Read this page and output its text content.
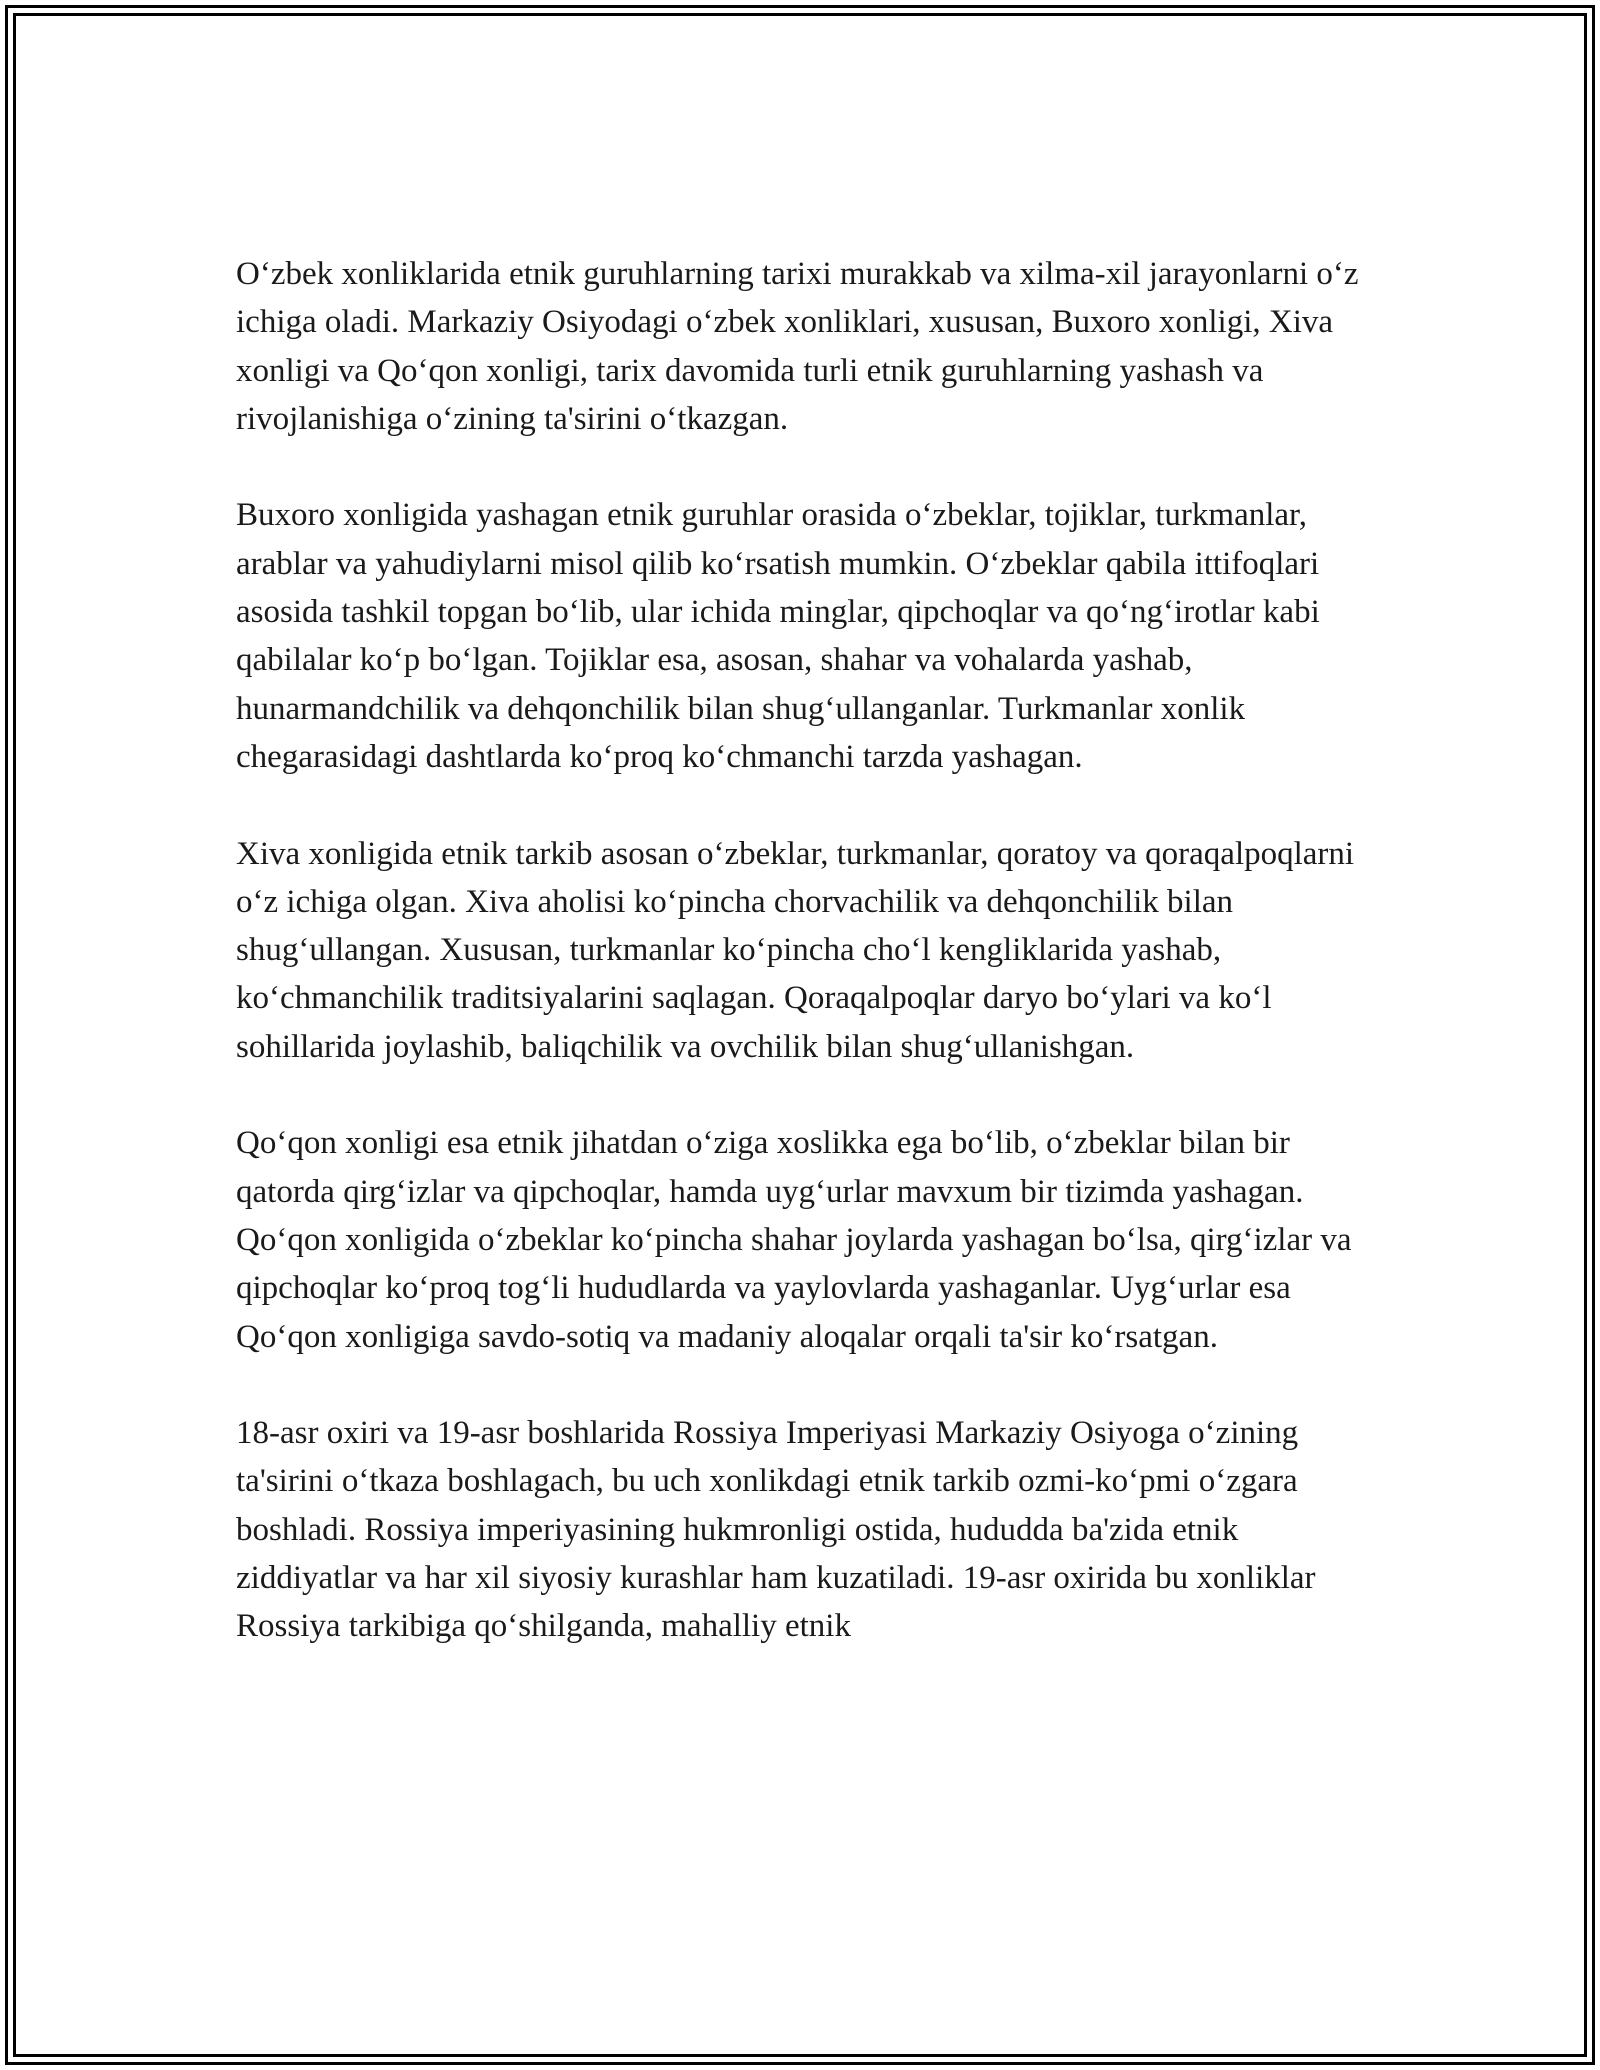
O‘zbek xonliklarida etnik guruhlarning tarixi murakkab va xilma-xil jarayonlarni o‘z ichiga oladi. Markaziy Osiyodagi o‘zbek xonliklari, xususan, Buxoro xonligi, Xiva xonligi va Qo‘qon xonligi, tarix davomida turli etnik guruhlarning yashash va rivojlanishiga o‘zining ta'sirini o‘tkazgan.

Buxoro xonligida yashagan etnik guruhlar orasida o‘zbeklar, tojiklar, turkmanlar, arablar va yahudiylarni misol qilib ko‘rsatish mumkin. O‘zbeklar qabila ittifoqlari asosida tashkil topgan bo‘lib, ular ichida minglar, qipchoqlar va qo‘ng‘irotlar kabi qabilalar ko‘p bo‘lgan. Tojiklar esa, asosan, shahar va vohalarda yashab, hunarmandchilik va dehqonchilik bilan shug‘ullanganlar. Turkmanlar xonlik chegarasidagi dashtlarda ko‘proq ko‘chmanchi tarzda yashagan.

Xiva xonligida etnik tarkib asosan o‘zbeklar, turkmanlar, qoratoy va qoraqalpoqlarni o‘z ichiga olgan. Xiva aholisi ko‘pincha chorvachilik va dehqonchilik bilan shug‘ullangan. Xususan, turkmanlar ko‘pincha cho‘l kengliklarida yashab, ko‘chmanchilik traditsiyalarini saqlagan. Qoraqalpoqlar daryo bo‘ylari va ko‘l sohillarida joylashib, baliqchilik va ovchilik bilan shug‘ullanishgan.

Qo‘qon xonligi esa etnik jihatdan o‘ziga xoslikka ega bo‘lib, o‘zbeklar bilan bir qatorda qirg‘izlar va qipchoqlar, hamda uyg‘urlar mavxum bir tizimda yashagan. Qo‘qon xonligida o‘zbeklar ko‘pincha shahar joylarda yashagan bo‘lsa, qirg‘izlar va qipchoqlar ko‘proq tog‘li hududlarda va yaylovlarda yashaganlar. Uyg‘urlar esa Qo‘qon xonligiga savdo-sotiq va madaniy aloqalar orqali ta'sir ko‘rsatgan.

18-asr oxiri va 19-asr boshlarida Rossiya Imperiyasi Markaziy Osiyoga o‘zining ta'sirini o‘tkaza boshlagach, bu uch xonlikdagi etnik tarkib ozmi-ko‘pmi o‘zgara boshladi. Rossiya imperiyasining hukmronligi ostida, hududda ba'zida etnik ziddiyatlar va har xil siyosiy kurashlar ham kuzatiladi. 19-asr oxirida bu xonliklar Rossiya tarkibiga qo‘shilganda, mahalliy etnik
